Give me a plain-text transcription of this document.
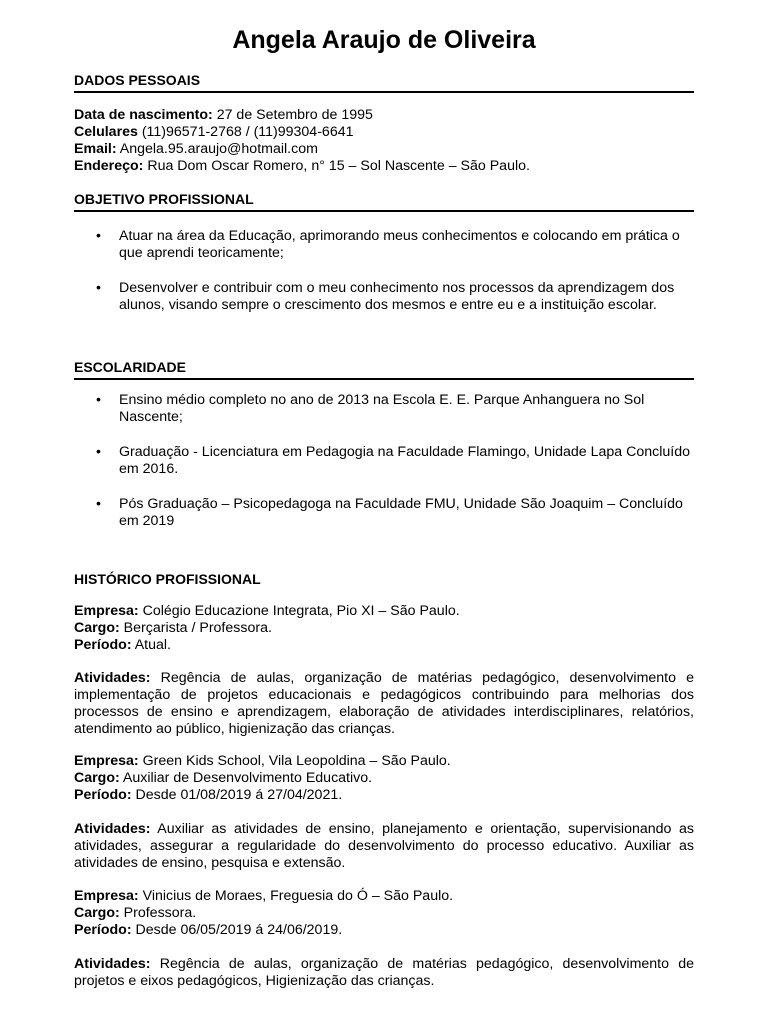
Angela Araujo de Oliveira
DADOS PESSOAIS
Data de nascimento: 27 de Setembro de 1995
Celulares (11)96571-2768 / (11)99304-6641
Email: Angela.95.araujo@hotmail.com
Endereço: Rua Dom Oscar Romero, n° 15 – Sol Nascente – São Paulo.
OBJETIVO PROFISSIONAL
• Atuar na área da Educação, aprimorando meus conhecimentos e colocando em prática o que aprendi teoricamente;
• Desenvolver e contribuir com o meu conhecimento nos processos da aprendizagem dos alunos, visando sempre o crescimento dos mesmos e entre eu e a instituição escolar.
ESCOLARIDADE
• Ensino médio completo no ano de 2013 na Escola E. E. Parque Anhanguera no Sol Nascente;
• Graduação - Licenciatura em Pedagogia na Faculdade Flamingo, Unidade Lapa Concluído em 2016.
• Pós Graduação – Psicopedagoga na Faculdade FMU, Unidade São Joaquim – Concluído em 2019
HISTÓRICO PROFISSIONAL
Empresa: Colégio Educazione Integrata, Pio XI – São Paulo.
Cargo: Berçarista / Professora.
Período: Atual.
Atividades: Regência de aulas, organização de matérias pedagógico, desenvolvimento e implementação de projetos educacionais e pedagógicos contribuindo para melhorias dos processos de ensino e aprendizagem, elaboração de atividades interdisciplinares, relatórios, atendimento ao público, higienização das crianças.
Empresa: Green Kids School, Vila Leopoldina – São Paulo.
Cargo: Auxiliar de Desenvolvimento Educativo.
Período: Desde 01/08/2019 á 27/04/2021.
Atividades: Auxiliar as atividades de ensino, planejamento e orientação, supervisionando as atividades, assegurar a regularidade do desenvolvimento do processo educativo. Auxiliar as atividades de ensino, pesquisa e extensão.
Empresa: Vinicius de Moraes, Freguesia do Ó – São Paulo.
Cargo: Professora.
Período: Desde 06/05/2019 á 24/06/2019.
Atividades: Regência de aulas, organização de matérias pedagógico, desenvolvimento de projetos e eixos pedagógicos, Higienização das crianças.
